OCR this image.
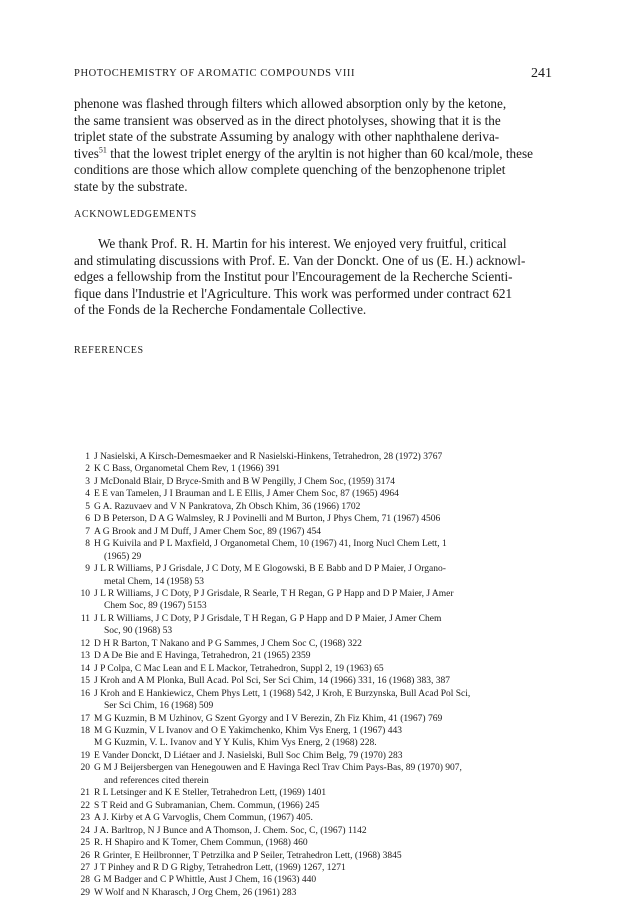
PHOTOCHEMISTRY OF AROMATIC COMPOUNDS VIII	241
phenone was flashed through filters which allowed absorption only by the ketone,
the same transient was observed as in the direct photolyses, showing that it is the
triplet state of the substrate Assuming by analogy with other naphthalene deriva-
tives$^{51}$ that the lowest triplet energy of the aryltin is not higher than 60 kcal/mole, these
conditions are those which allow complete quenching of the benzophenone triplet
state by the substrate.
ACKNOWLEDGEMENTS
We thank Prof. R. H. Martin for his interest. We enjoyed very fruitful, critical
and stimulating discussions with Prof. E. Van der Donckt. One of us (E. H.) acknowl-
edges a fellowship from the Institut pour l'Encouragement de la Recherche Scienti-
fique dans l'Industrie et l'Agriculture. This work was performed under contract 621
of the Fonds de la Recherche Fondamentale Collective.
REFERENCES
1 J Nasielski, A Kirsch-Demesmaeker and R Nasielski-Hinkens, Tetrahedron, 28 (1972) 3767
2 K C Bass, Organometal Chem Rev, 1 (1966) 391
3 J McDonald Blair, D Bryce-Smith and B W Pengilly, J Chem Soc, (1959) 3174
4 E E van Tamelen, J I Brauman and L E Ellis, J Amer Chem Soc, 87 (1965) 4964
5 G A. Razuvaev and V N Pankratova, Zh Obsch Khim, 36 (1966) 1702
6 D B Peterson, D A G Walmsley, R J Povinelli and M Burton, J Phys Chem, 71 (1967) 4506
7 A G Brook and J M Duff, J Amer Chem Soc, 89 (1967) 454
8 H G Kuivila and P L Maxfield, J Organometal Chem, 10 (1967) 41, Inorg Nucl Chem Lett, 1
(1965) 29
9 J L R Williams, P J Grisdale, J C Doty, M E Glogowski, B E Babb and D P Maier, J Organo-
metal Chem, 14 (1958) 53
10 J L R Williams, J C Doty, P J Grisdale, R Searle, T H Regan, G P Happ and D P Maier, J Amer
Chem Soc, 89 (1967) 5153
11 J L R Williams, J C Doty, P J Grisdale, T H Regan, G P Happ and D P Maier, J Amer Chem
Soc, 90 (1968) 53
12 D H R Barton, T Nakano and P G Sammes, J Chem Soc C, (1968) 322
13 D A De Bie and E Havinga, Tetrahedron, 21 (1965) 2359
14 J P Colpa, C Mac Lean and E L Mackor, Tetrahedron, Suppl 2, 19 (1963) 65
15 J Kroh and A M Plonka, Bull Acad. Pol Sci, Ser Sci Chim, 14 (1966) 331, 16 (1968) 383, 387
16 J Kroh and E Hankiewicz, Chem Phys Lett, 1 (1968) 542, J Kroh, E Burzynska, Bull Acad Pol Sci,
Ser Sci Chim, 16 (1968) 509
17 M G Kuzmin, B M Uzhinov, G Szent Gyorgy and I V Berezin, Zh Fiz Khim, 41 (1967) 769
18 M G Kuzmin, V L Ivanov and O E Yakimchenko, Khim Vys Energ, 1 (1967) 443
M G Kuzmin, V. L. Ivanov and Y Y Kulis, Khim Vys Energ, 2 (1968) 228.
19 E Vander Donckt, D Liétaer and J. Nasielski, Bull Soc Chim Belg, 79 (1970) 283
20 G M J Beijersbergen van Henegouwen and E Havinga Recl Trav Chim Pays-Bas, 89 (1970) 907,
and references cited therein
21 R L Letsinger and K E Steller, Tetrahedron Lett, (1969) 1401
22 S T Reid and G Subramanian, Chem. Commun, (1966) 245
23 A J. Kirby et A G Varvoglis, Chem Commun, (1967) 405.
24 J A. Barltrop, N J Bunce and A Thomson, J. Chem. Soc, C, (1967) 1142
25 R. H Shapiro and K Tomer, Chem Commun, (1968) 460
26 R Grinter, E Heilbronner, T Petrzilka and P Seiler, Tetrahedron Lett, (1968) 3845
27 J T Pinhey and R D G Rigby, Tetrahedron Lett, (1969) 1267, 1271
28 G M Badger and C P Whittle, Aust J Chem, 16 (1963) 440
29 W Wolf and N Kharasch, J Org Chem, 26 (1961) 283
